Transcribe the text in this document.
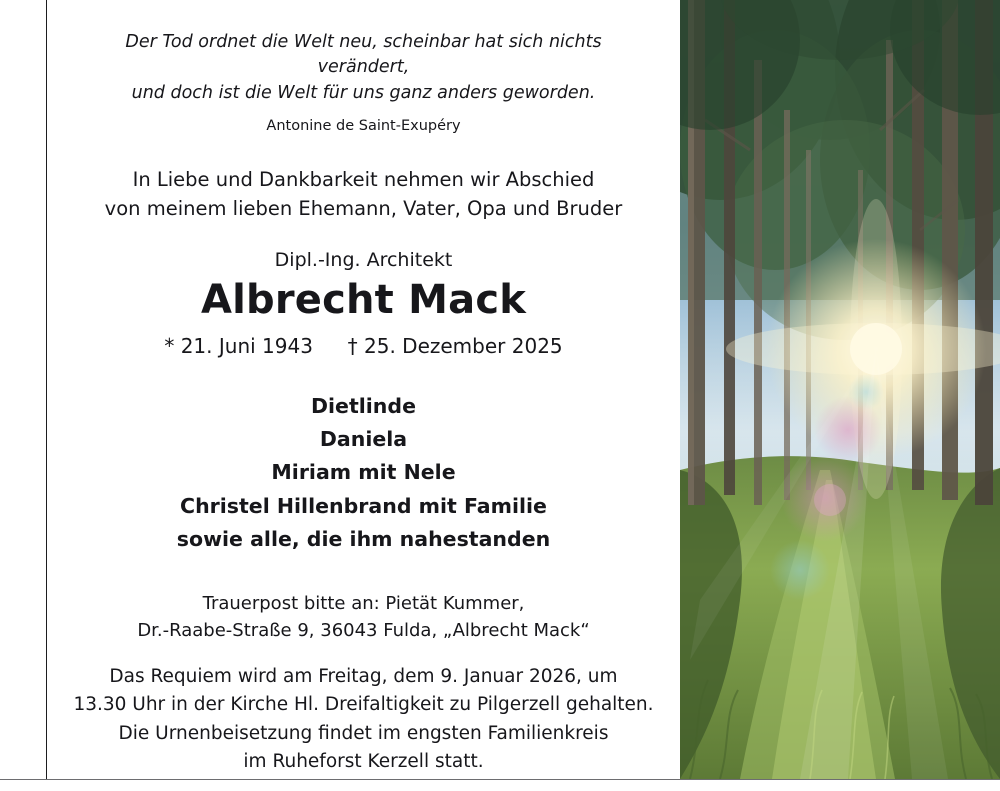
Der Tod ordnet die Welt neu, scheinbar hat sich nichts verändert,
und doch ist die Welt für uns ganz anders geworden.
Antonine de Saint-Exupéry
In Liebe und Dankbarkeit nehmen wir Abschied
von meinem lieben Ehemann, Vater, Opa und Bruder
Dipl.-Ing. Architekt
Albrecht Mack
* 21. Juni 1943 † 25. Dezember 2025
Dietlinde
Daniela
Miriam mit Nele
Christel Hillenbrand mit Familie
sowie alle, die ihm nahestanden
Trauerpost bitte an: Pietät Kummer,
Dr.-Raabe-Straße 9, 36043 Fulda, „Albrecht Mack“
Das Requiem wird am Freitag, dem 9. Januar 2026, um
13.30 Uhr in der Kirche Hl. Dreifaltigkeit zu Pilgerzell gehalten.
Die Urnenbeisetzung findet im engsten Familienkreis
im Ruheforst Kerzell statt.
